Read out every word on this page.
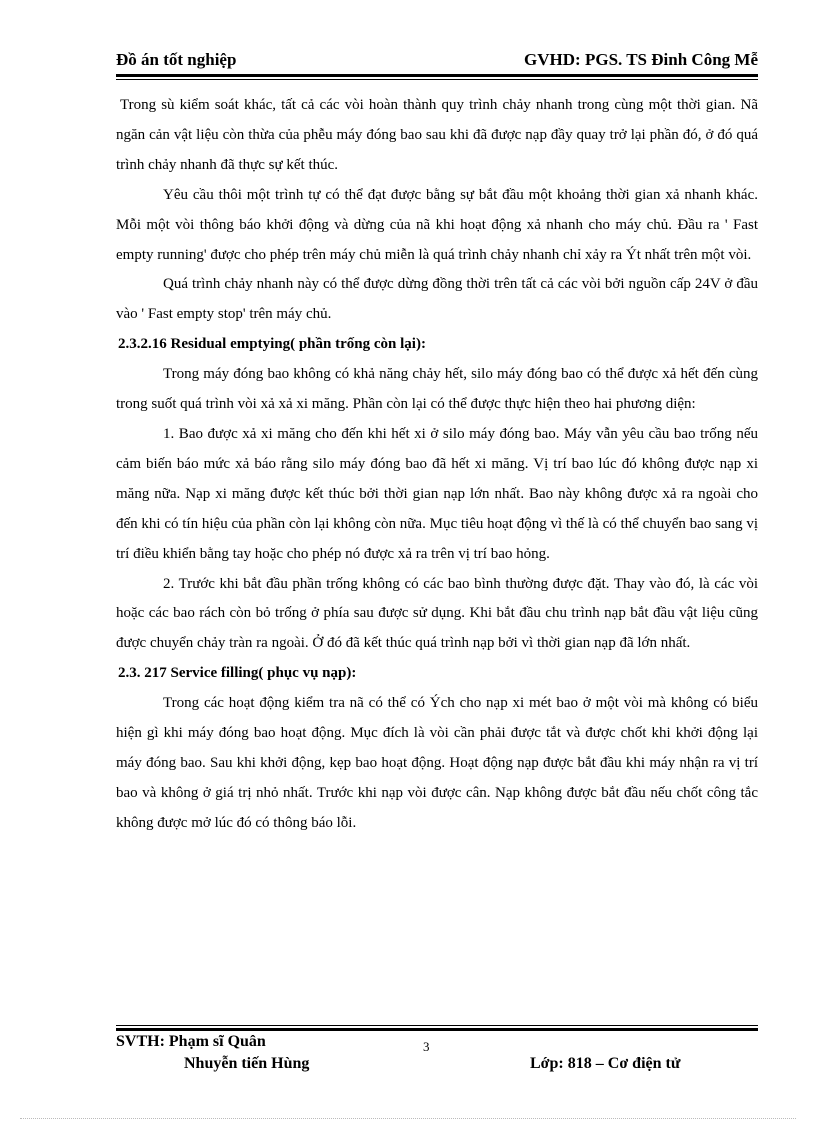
Đồ án tốt nghiệp	GVHD: PGS. TS Đinh Công Mễ

Trong sù kiểm soát khác, tất cả các vòi hoàn thành quy trình chảy nhanh trong cùng một thời gian. Nã ngăn cản vật liệu còn thừa của phễu máy đóng bao sau khi đã được nạp đầy quay trở lại phần đó, ở đó quá trình chảy nhanh đã thực sự kết thúc.

Yêu cầu thôi một trình tự có thể đạt được bằng sự bắt đầu một khoảng thời gian xả nhanh khác. Mỗi một vòi thông báo khởi động và dừng của nã khi hoạt động xả nhanh cho máy chủ. Đầu ra ' Fast empty running' được cho phép trên máy chủ miễn là quá trình chảy nhanh chỉ xảy ra Ýt nhất trên một vòi.

Quá trình chảy nhanh này có thể được dừng đồng thời trên tất cả các vòi bởi nguồn cấp 24V ở đầu vào ' Fast empty stop' trên máy chủ.

2.3.2.16 Residual emptying( phần trống còn lại):

Trong máy đóng bao không có khả năng chảy hết, silo máy đóng bao có thể được xả hết đến cùng trong suốt quá trình vòi xả xả xi măng. Phần còn lại có thể được thực hiện theo hai phương diện:

1. Bao được xả xi măng cho đến khi hết xi ở silo máy đóng bao. Máy vẫn yêu cầu bao trống nếu cảm biến báo mức xả báo rằng silo máy đóng bao đã hết xi măng. Vị trí bao lúc đó không được nạp xi măng nữa. Nạp xi măng được kết thúc bởi thời gian nạp lớn nhất. Bao này không được xả ra ngoài cho đến khi có tín hiệu của phần còn lại không còn nữa. Mục tiêu hoạt động vì thế là có thể chuyển bao sang vị trí điều khiển bằng tay hoặc cho phép nó được xả ra trên vị trí bao hỏng.

2. Trước khi bắt đầu phần trống không có các bao bình thường được đặt. Thay vào đó, là các vòi hoặc các bao rách còn bỏ trống ở phía sau được sử dụng. Khi bắt đầu chu trình nạp bắt đầu vật liệu cũng được chuyển chảy tràn ra ngoài. Ở đó đã kết thúc quá trình nạp bởi vì thời gian nạp đã lớn nhất.

2.3. 217 Service filling( phục vụ nạp):

Trong các hoạt động kiểm tra nã có thể có Ých cho nạp xi mét bao ở một vòi mà không có biểu hiện gì khi máy đóng bao hoạt động. Mục đích là vòi cần phải được tắt và được chốt khi khởi động lại máy đóng bao. Sau khi khởi động, kẹp bao hoạt động. Hoạt động nạp được bắt đầu khi máy nhận ra vị trí bao và không ở giá trị nhỏ nhất. Trước khi nạp vòi được cân. Nạp không được bắt đầu nếu chốt công tắc không được mở lúc đó có thông báo lỗi.

SVTH: Phạm sĩ Quân
Nhuyễn tiến Hùng
3
Lớp: 818 – Cơ điện tử
